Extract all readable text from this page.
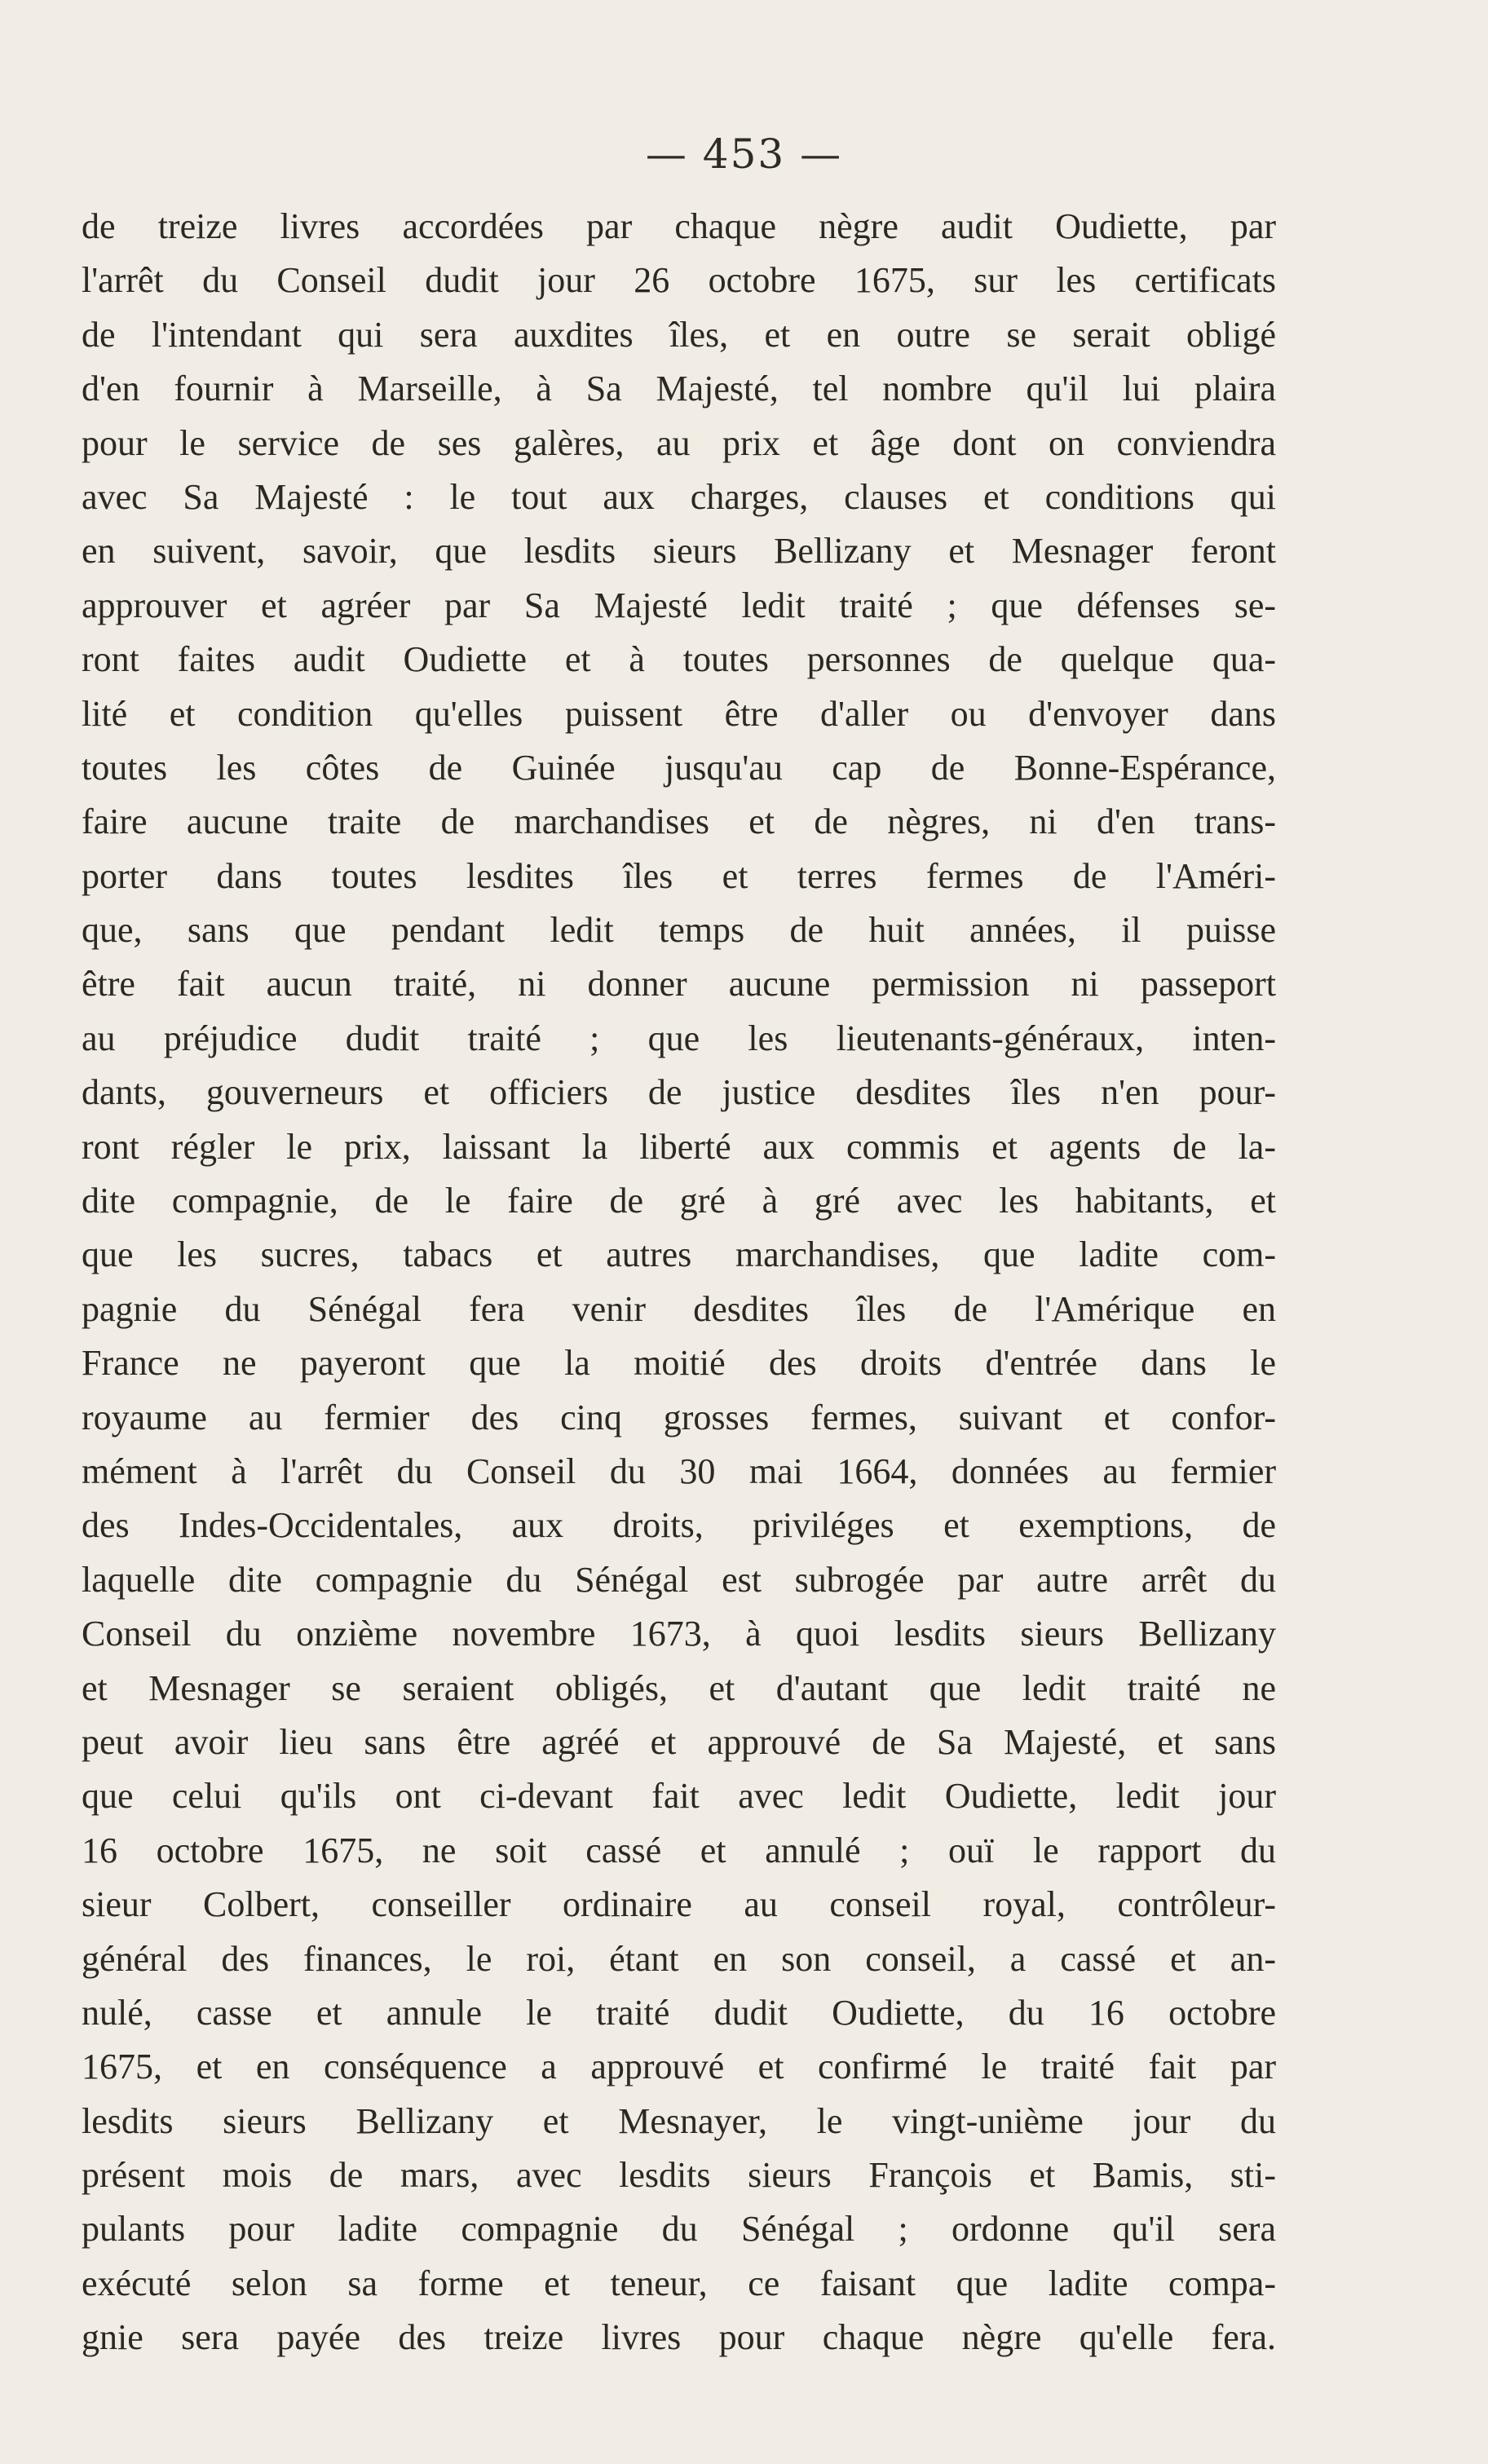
— 453 —
de treize livres accordées par chaque nègre audit Oudiette, par
l'arrêt du Conseil dudit jour 26 octobre 1675, sur les certificats
de l'intendant qui sera auxdites îles, et en outre se serait obligé
d'en fournir à Marseille, à Sa Majesté, tel nombre qu'il lui plaira
pour le service de ses galères, au prix et âge dont on conviendra
avec Sa Majesté : le tout aux charges, clauses et conditions qui
en suivent, savoir, que lesdits sieurs Bellizany et Mesnager feront
approuver et agréer par Sa Majesté ledit traité ; que défenses se-
ront faites audit Oudiette et à toutes personnes de quelque qua-
lité et condition qu'elles puissent être d'aller ou d'envoyer dans
toutes les côtes de Guinée jusqu'au cap de Bonne-Espérance,
faire aucune traite de marchandises et de nègres, ni d'en trans-
porter dans toutes lesdites îles et terres fermes de l'Améri-
que, sans que pendant ledit temps de huit années, il puisse
être fait aucun traité, ni donner aucune permission ni passeport
au préjudice dudit traité ; que les lieutenants-généraux, inten-
dants, gouverneurs et officiers de justice desdites îles n'en pour-
ront régler le prix, laissant la liberté aux commis et agents de la-
dite compagnie, de le faire de gré à gré avec les habitants, et
que les sucres, tabacs et autres marchandises, que ladite com-
pagnie du Sénégal fera venir desdites îles de l'Amérique en
France ne payeront que la moitié des droits d'entrée dans le
royaume au fermier des cinq grosses fermes, suivant et confor-
mément à l'arrêt du Conseil du 30 mai 1664, données au fermier
des Indes-Occidentales, aux droits, priviléges et exemptions, de
laquelle dite compagnie du Sénégal est subrogée par autre arrêt du
Conseil du onzième novembre 1673, à quoi lesdits sieurs Bellizany
et Mesnager se seraient obligés, et d'autant que ledit traité ne
peut avoir lieu sans être agréé et approuvé de Sa Majesté, et sans
que celui qu'ils ont ci-devant fait avec ledit Oudiette, ledit jour
16 octobre 1675, ne soit cassé et annulé ; ouï le rapport du
sieur Colbert, conseiller ordinaire au conseil royal, contrôleur-
général des finances, le roi, étant en son conseil, a cassé et an-
nulé, casse et annule le traité dudit Oudiette, du 16 octobre
1675, et en conséquence a approuvé et confirmé le traité fait par
lesdits sieurs Bellizany et Mesnayer, le vingt-unième jour du
présent mois de mars, avec lesdits sieurs François et Bamis, sti-
pulants pour ladite compagnie du Sénégal ; ordonne qu'il sera
exécuté selon sa forme et teneur, ce faisant que ladite compa-
gnie sera payée des treize livres pour chaque nègre qu'elle fera.
